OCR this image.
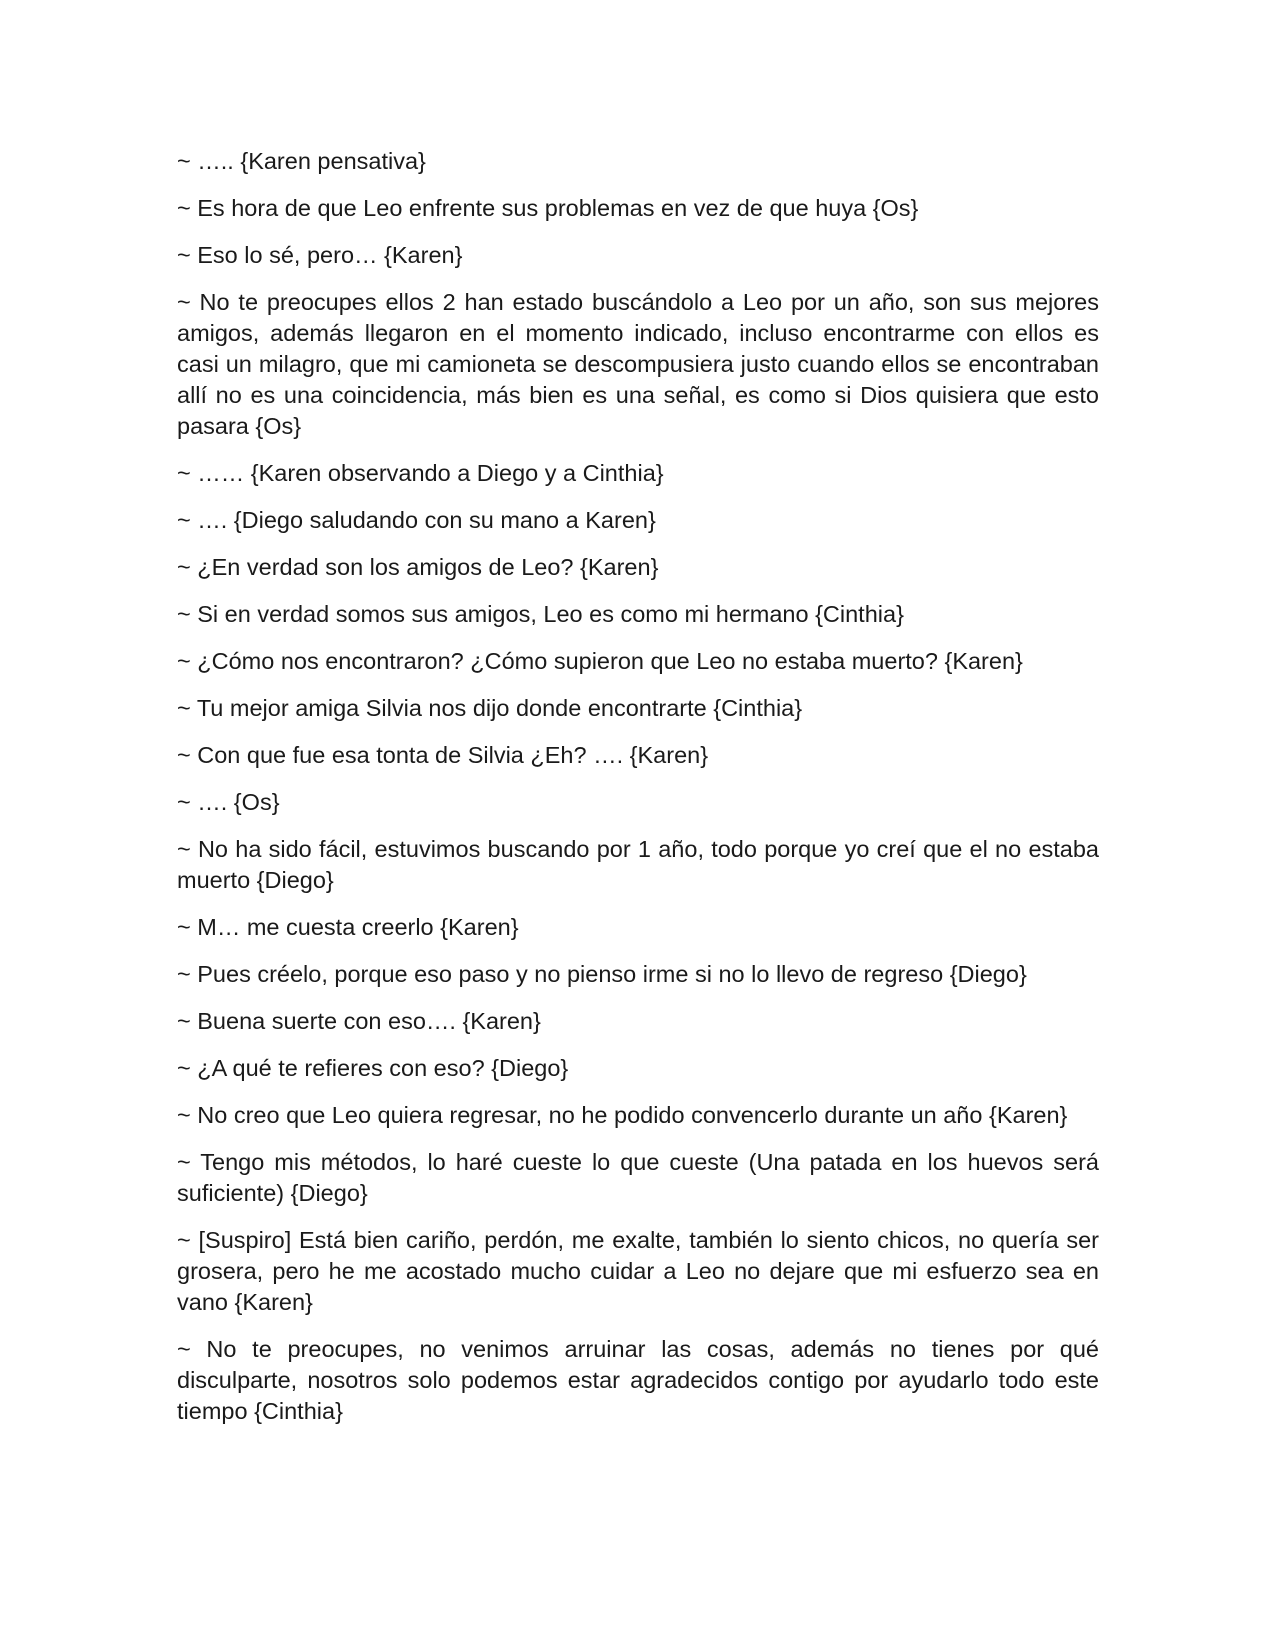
~ ….. {Karen pensativa}

~ Es hora de que Leo enfrente sus problemas en vez de que huya {Os}

~ Eso lo sé, pero… {Karen}

~ No te preocupes ellos 2 han estado buscándolo a Leo por un año, son sus mejores amigos, además llegaron en el momento indicado, incluso encontrarme con ellos es casi un milagro, que mi camioneta se descompusiera justo cuando ellos se encontraban allí no es una coincidencia, más bien es una señal, es como si Dios quisiera que esto pasara {Os}

~ …… {Karen observando a Diego y a Cinthia}

~ …. {Diego saludando con su mano a Karen}

~ ¿En verdad son los amigos de Leo? {Karen}

~ Si en verdad somos sus amigos, Leo es como mi hermano {Cinthia}

~ ¿Cómo nos encontraron? ¿Cómo supieron que Leo no estaba muerto? {Karen}

~ Tu mejor amiga Silvia nos dijo donde encontrarte {Cinthia}

~ Con que fue esa tonta de Silvia ¿Eh? …. {Karen}

~ …. {Os}

~ No ha sido fácil, estuvimos buscando por 1 año, todo porque yo creí que el no estaba muerto {Diego}

~ M… me cuesta creerlo {Karen}

~ Pues créelo, porque eso paso y no pienso irme si no lo llevo de regreso {Diego}

~ Buena suerte con eso…. {Karen}

~ ¿A qué te refieres con eso? {Diego}

~ No creo que Leo quiera regresar, no he podido convencerlo durante un año {Karen}

~ Tengo mis métodos, lo haré cueste lo que cueste (Una patada en los huevos será suficiente) {Diego}

~ [Suspiro] Está bien cariño, perdón, me exalte, también lo siento chicos, no quería ser grosera, pero he me acostado mucho cuidar a Leo no dejare que mi esfuerzo sea en vano {Karen}

~ No te preocupes, no venimos arruinar las cosas, además no tienes por qué disculparte, nosotros solo podemos estar agradecidos contigo por ayudarlo todo este tiempo {Cinthia}
